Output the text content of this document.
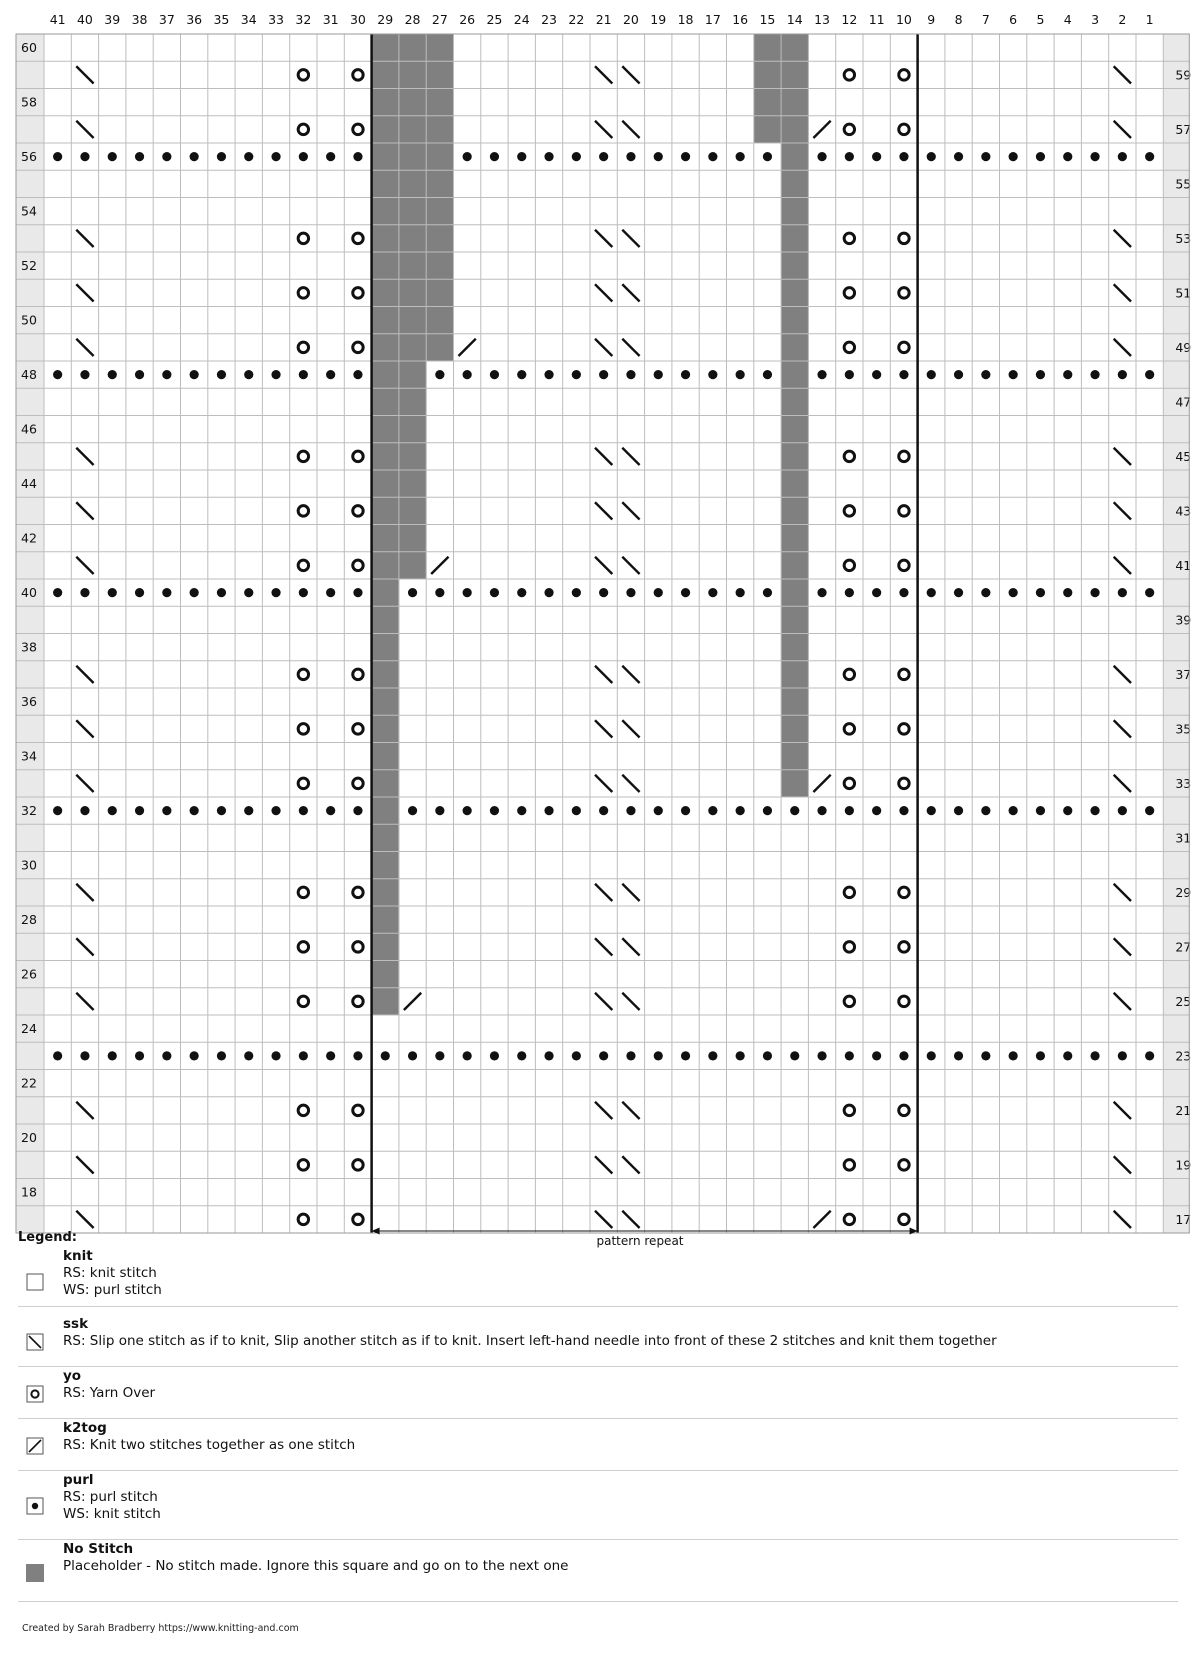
1
2
3
4
5
6
7
8
9
10
11
12
13
14
15
16
17
18
19
20
21
22
23
24
25
26
27
28
29
30
31
32
33
34
35
36
37
38
39
40
41
17
18
19
20
21
22
23
24
25
26
27
28
29
30
31
32
33
34
35
36
37
38
39
40
41
42
43
44
45
46
47
48
49
50
51
52
53
54
55
56
57
58
59
60
Legend:	pattern repeat
knit
RS: knit stitch
WS: purl stitch
ssk
RS: Slip one stitch as if to knit, Slip another stitch as if to knit. Insert left-hand needle into front of these 2 stitches and knit them together
yo
RS: Yarn Over
k2tog
RS: Knit two stitches together as one stitch
purl
RS: purl stitch
WS: knit stitch
No Stitch
Placeholder - No stitch made. Ignore this square and go on to the next one
Created by Sarah Bradberry https://www.knitting-and.com
